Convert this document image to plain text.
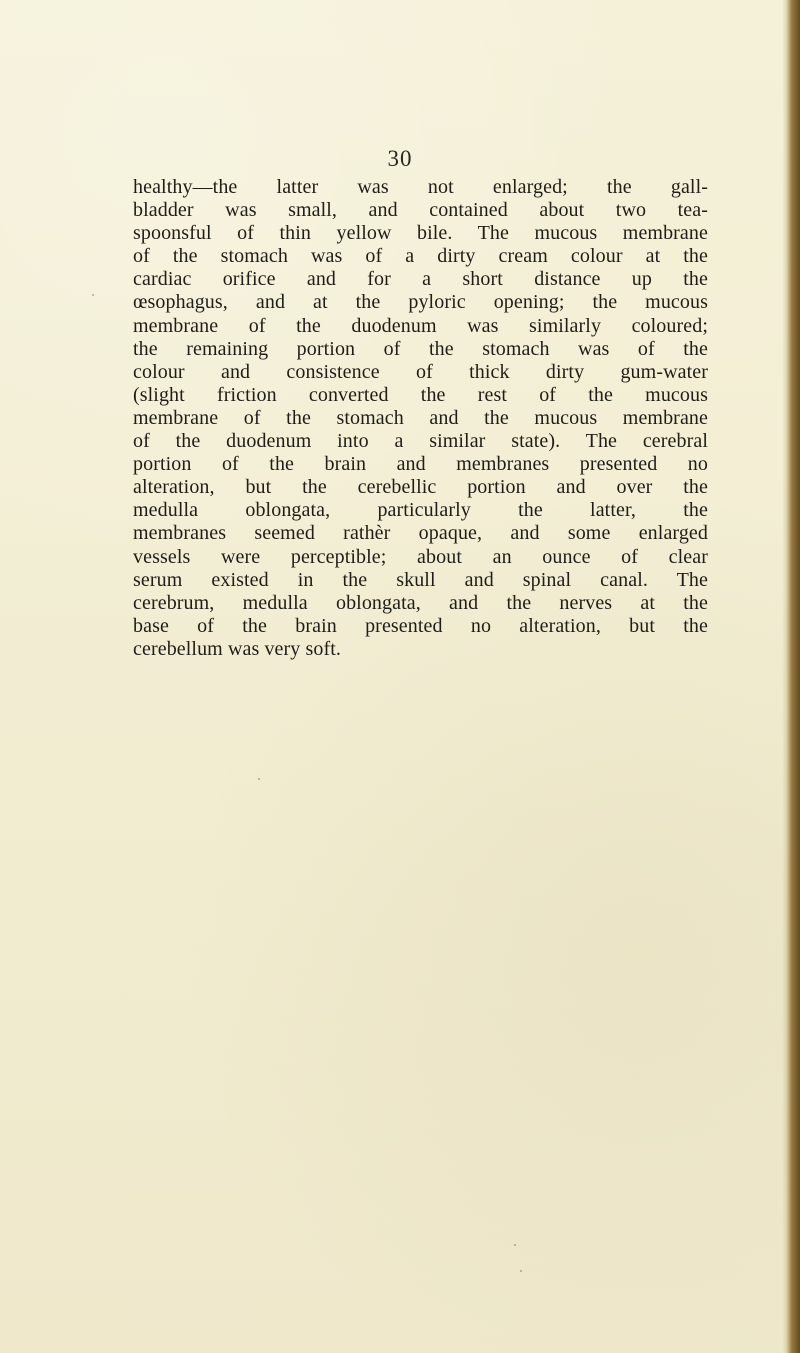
30
healthy—the latter was not enlarged; the gall-
bladder was small, and contained about two tea-
spoonsful of thin yellow bile. The mucous membrane
of the stomach was of a dirty cream colour at the
cardiac orifice and for a short distance up the
œsophagus, and at the pyloric opening; the mucous
membrane of the duodenum was similarly coloured;
the remaining portion of the stomach was of the
colour and consistence of thick dirty gum-water
(slight friction converted the rest of the mucous
membrane of the stomach and the mucous membrane
of the duodenum into a similar state). The cerebral
portion of the brain and membranes presented no
alteration, but the cerebellic portion and over the
medulla oblongata, particularly the latter, the
membranes seemed rathèr opaque, and some enlarged
vessels were perceptible; about an ounce of clear
serum existed in the skull and spinal canal. The
cerebrum, medulla oblongata, and the nerves at the
base of the brain presented no alteration, but the
cerebellum was very soft.
